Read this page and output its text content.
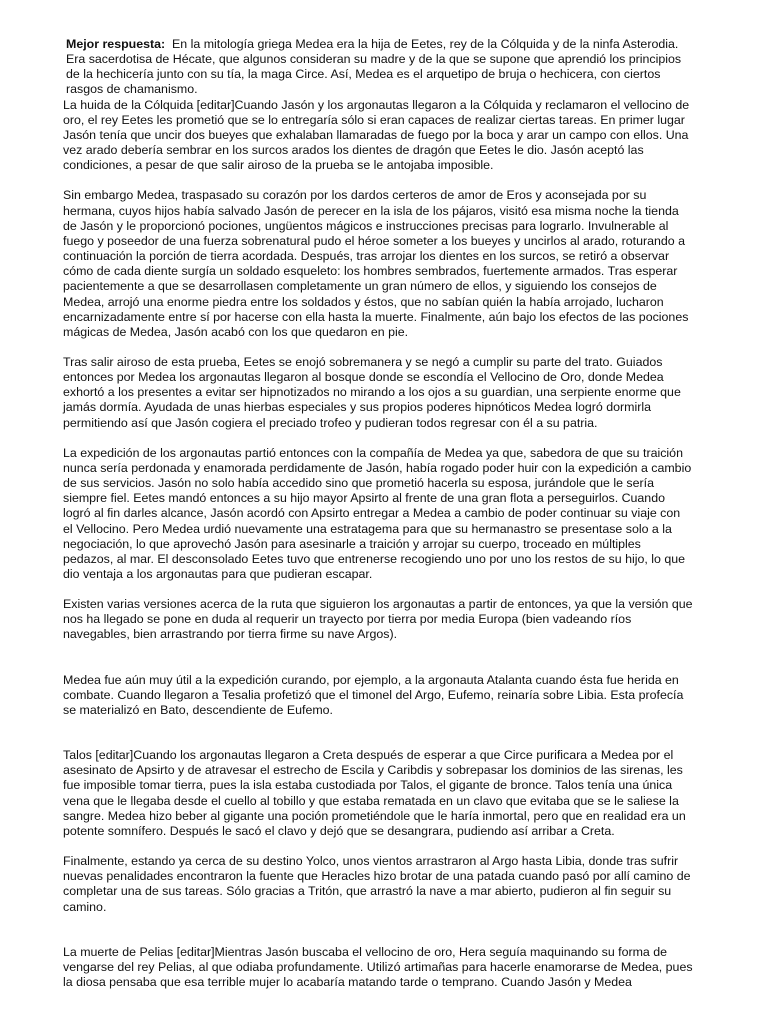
Mejor respuesta: En la mitología griega Medea era la hija de Eetes, rey de la Cólquida y de la ninfa Asterodia. Era sacerdotisa de Hécate, que algunos consideran su madre y de la que se supone que aprendió los principios de la hechicería junto con su tía, la maga Circe. Así, Medea es el arquetipo de bruja o hechicera, con ciertos rasgos de chamanismo.

La huida de la Cólquida [editar]Cuando Jasón y los argonautas llegaron a la Cólquida y reclamaron el vellocino de oro, el rey Eetes les prometió que se lo entregaría sólo si eran capaces de realizar ciertas tareas. En primer lugar Jasón tenía que uncir dos bueyes que exhalaban llamaradas de fuego por la boca y arar un campo con ellos. Una vez arado debería sembrar en los surcos arados los dientes de dragón que Eetes le dio. Jasón aceptó las condiciones, a pesar de que salir airoso de la prueba se le antojaba imposible.

Sin embargo Medea, traspasado su corazón por los dardos certeros de amor de Eros y aconsejada por su hermana, cuyos hijos había salvado Jasón de perecer en la isla de los pájaros, visitó esa misma noche la tienda de Jasón y le proporcionó pociones, ungüentos mágicos e instrucciones precisas para lograrlo. Invulnerable al fuego y poseedor de una fuerza sobrenatural pudo el héroe someter a los bueyes y uncirlos al arado, roturando a continuación la porción de tierra acordada. Después, tras arrojar los dientes en los surcos, se retiró a observar cómo de cada diente surgía un soldado esqueleto: los hombres sembrados, fuertemente armados. Tras esperar pacientemente a que se desarrollasen completamente un gran número de ellos, y siguiendo los consejos de Medea, arrojó una enorme piedra entre los soldados y éstos, que no sabían quién la había arrojado, lucharon encarnizadamente entre sí por hacerse con ella hasta la muerte. Finalmente, aún bajo los efectos de las pociones mágicas de Medea, Jasón acabó con los que quedaron en pie.

Tras salir airoso de esta prueba, Eetes se enojó sobremanera y se negó a cumplir su parte del trato. Guiados entonces por Medea los argonautas llegaron al bosque donde se escondía el Vellocino de Oro, donde Medea exhortó a los presentes a evitar ser hipnotizados no mirando a los ojos a su guardian, una serpiente enorme que jamás dormía. Ayudada de unas hierbas especiales y sus propios poderes hipnóticos Medea logró dormirla permitiendo así que Jasón cogiera el preciado trofeo y pudieran todos regresar con él a su patria.

La expedición de los argonautas partió entonces con la compañía de Medea ya que, sabedora de que su traición nunca sería perdonada y enamorada perdidamente de Jasón, había rogado poder huir con la expedición a cambio de sus servicios. Jasón no solo había accedido sino que prometió hacerla su esposa, jurándole que le sería siempre fiel. Eetes mandó entonces a su hijo mayor Apsirto al frente de una gran flota a perseguirlos. Cuando logró al fin darles alcance, Jasón acordó con Apsirto entregar a Medea a cambio de poder continuar su viaje con el Vellocino. Pero Medea urdió nuevamente una estratagema para que su hermanastro se presentase solo a la negociación, lo que aprovechó Jasón para asesinarle a traición y arrojar su cuerpo, troceado en múltiples pedazos, al mar. El desconsolado Eetes tuvo que entrenerse recogiendo uno por uno los restos de su hijo, lo que dio ventaja a los argonautas para que pudieran escapar.

Existen varias versiones acerca de la ruta que siguieron los argonautas a partir de entonces, ya que la versión que nos ha llegado se pone en duda al requerir un trayecto por tierra por media Europa (bien vadeando ríos navegables, bien arrastrando por tierra firme su nave Argos).

Medea fue aún muy útil a la expedición curando, por ejemplo, a la argonauta Atalanta cuando ésta fue herida en combate. Cuando llegaron a Tesalia profetizó que el timonel del Argo, Eufemo, reinaría sobre Libia. Esta profecía se materializó en Bato, descendiente de Eufemo.

Talos [editar]Cuando los argonautas llegaron a Creta después de esperar a que Circe purificara a Medea por el asesinato de Apsirto y de atravesar el estrecho de Escila y Caribdis y sobrepasar los dominios de las sirenas, les fue imposible tomar tierra, pues la isla estaba custodiada por Talos, el gigante de bronce. Talos tenía una única vena que le llegaba desde el cuello al tobillo y que estaba rematada en un clavo que evitaba que se le saliese la sangre. Medea hizo beber al gigante una poción prometiéndole que le haría inmortal, pero que en realidad era un potente somnífero. Después le sacó el clavo y dejó que se desangrara, pudiendo así arribar a Creta.

Finalmente, estando ya cerca de su destino Yolco, unos vientos arrastraron al Argo hasta Libia, donde tras sufrir nuevas penalidades encontraron la fuente que Heracles hizo brotar de una patada cuando pasó por allí camino de completar una de sus tareas. Sólo gracias a Tritón, que arrastró la nave a mar abierto, pudieron al fin seguir su camino.

La muerte de Pelias [editar]Mientras Jasón buscaba el vellocino de oro, Hera seguía maquinando su forma de vengarse del rey Pelias, al que odiaba profundamente. Utilizó artimañas para hacerle enamorarse de Medea, pues la diosa pensaba que esa terrible mujer lo acabaría matando tarde o temprano. Cuando Jasón y Medea
